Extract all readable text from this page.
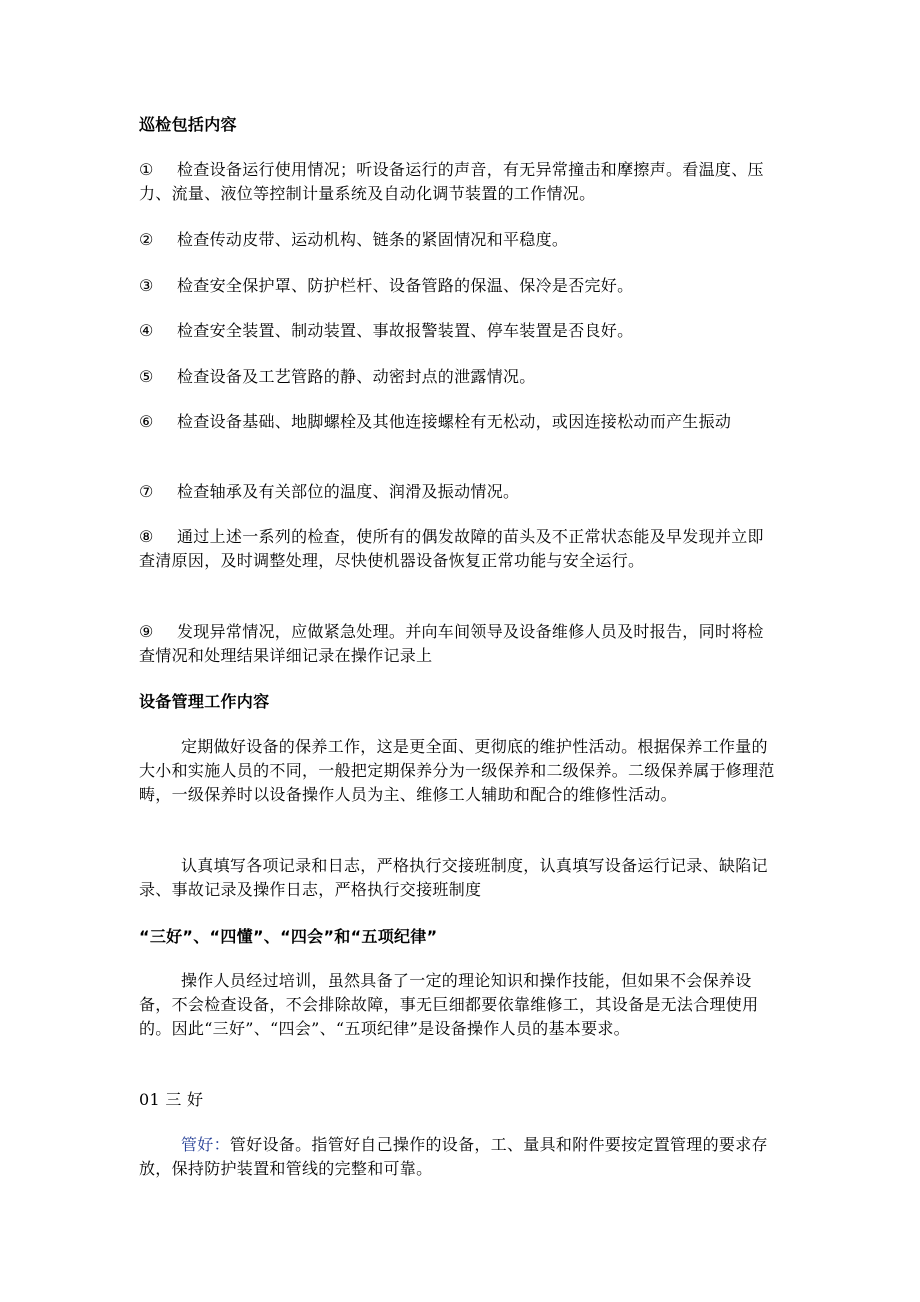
巡检包括内容
① 检查设备运行使用情况；听设备运行的声音，有无异常撞击和摩擦声。看温度、压力、流量、液位等控制计量系统及自动化调节装置的工作情况。
② 检查传动皮带、运动机构、链条的紧固情况和平稳度。
③ 检查安全保护罩、防护栏杆、设备管路的保温、保冷是否完好。
④ 检查安全装置、制动装置、事故报警装置、停车装置是否良好。
⑤ 检查设备及工艺管路的静、动密封点的泄露情况。
⑥ 检查设备基础、地脚螺栓及其他连接螺栓有无松动，或因连接松动而产生振动
⑦ 检查轴承及有关部位的温度、润滑及振动情况。
⑧ 通过上述一系列的检查，使所有的偶发故障的苗头及不正常状态能及早发现并立即查清原因，及时调整处理，尽快使机器设备恢复正常功能与安全运行。
⑨ 发现异常情况，应做紧急处理。并向车间领导及设备维修人员及时报告，同时将检查情况和处理结果详细记录在操作记录上
设备管理工作内容
定期做好设备的保养工作，这是更全面、更彻底的维护性活动。根据保养工作量的大小和实施人员的不同，一般把定期保养分为一级保养和二级保养。二级保养属于修理范畴，一级保养时以设备操作人员为主、维修工人辅助和配合的维修性活动。
认真填写各项记录和日志，严格执行交接班制度，认真填写设备运行记录、缺陷记录、事故记录及操作日志，严格执行交接班制度
“三好”、“四懂”、“四会”和“五项纪律”
操作人员经过培训，虽然具备了一定的理论知识和操作技能，但如果不会保养设备，不会检查设备，不会排除故障，事无巨细都要依靠维修工，其设备是无法合理使用的。因此“三好”、“四会”、“五项纪律”是设备操作人员的基本要求。
01 三 好
管好：管好设备。指管好自己操作的设备，工、量具和附件要按定置管理的要求存放，保持防护装置和管线的完整和可靠。
